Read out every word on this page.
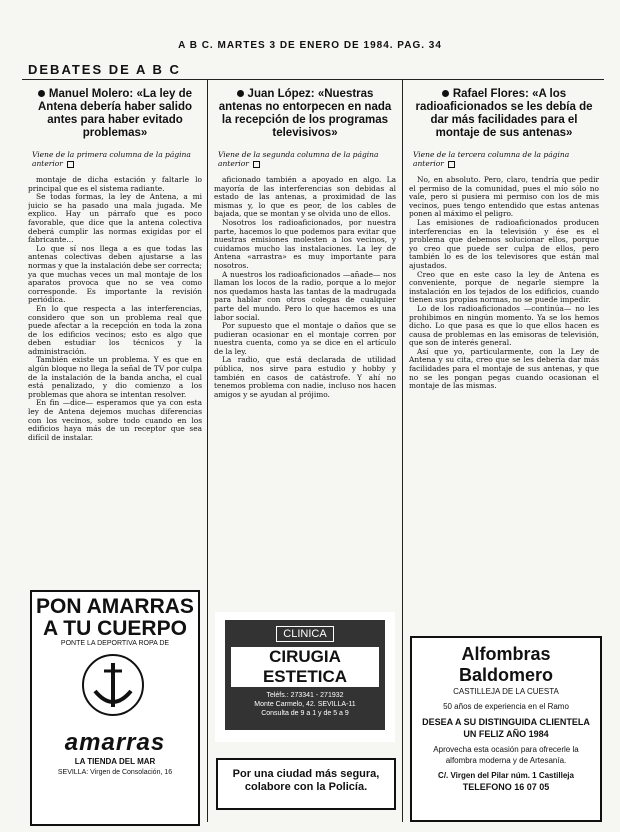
A B C. MARTES 3 DE ENERO DE 1984. PAG. 34
DEBATES DE A B C
Manuel Molero: «La ley de Antena debería haber salido antes para haber evitado problemas»
Viene de la primera columna de la página anterior

montaje de dicha estación y faltarle lo principal que es el sistema radiante.

Se todas formas, la ley de Antena, a mi juicio se ha pasado una mala jugada. Me explico. Hay un párrafo que es poco favorable, que dice que la antena colectiva deberá cumplir las normas exigidas por el fabricante...

Lo que sí nos llega a es que todas las antenas colectivas deben ajustarse a las normas y que la instalación debe ser correcta; ya que muchas veces un mal montaje de los aparatos provoca que no se vea como corresponde. Es importante la revisión periódica.

En lo que respecta a las interferencias, considero que son un problema real que puede afectar a la recepción en toda la zona de los edificios vecinos; esto es algo que deben estudiar los técnicos y la administración.

También existe un problema. Y es que en algún bloque no llega la señal de TV por culpa de la instalación de la banda ancha, el cual está penalizado, y dio comienzo a los problemas que ahora se intentan resolver.

En fin —dice— esperamos que ya con esta ley de Antena dejemos muchas diferencias con los vecinos, sobre todo cuando en los edificios haya más de un receptor que sea difícil de instalar.

Juan López: «Nuestras antenas no entorpecen en nada la recepción de los programas televisivos»
Viene de la segunda columna de la página anterior

aficionado también a apoyado en algo. La mayoría de las interferencias son debidas al estado de las antenas, a proximidad de las mismas y, lo que es peor, de los cables de bajada, que se montan y se olvida uno de ellos.

Nosotros los radioaficionados, por nuestra parte, hacemos lo que podemos para evitar que nuestras emisiones molesten a los vecinos, y cuidamos mucho las instalaciones. La ley de Antena «arrastra» es muy importante para nosotros.

A nuestros los radioaficionados —añade— nos llaman los locos de la radio, porque a lo mejor nos quedamos hasta las tantas de la madrugada para hablar con otros colegas de cualquier parte del mundo. Pero lo que hacemos es una labor social.

Por supuesto que el montaje o daños que se pudieran ocasionar en el montaje corren por nuestra cuenta, como ya se dice en el artículo de la ley.

La radio, que está declarada de utilidad pública, nos sirve para estudio y hobby y también en casos de catástrofe. Y ahí no tenemos problema con nadie, incluso nos hacen amigos y se ayudan al prójimo.

Rafael Flores: «A los radioaficionados se les debía de dar más facilidades para el montaje de sus antenas»
Viene de la tercera columna de la página anterior

No, en absoluto. Pero, claro, tendría que pedir el permiso de la comunidad, pues el mío sólo no vale, pero si pusiera mi permiso con los de mis vecinos, pues tengo entendido que estas antenas ponen al máximo el peligro.

Las emisiones de radioaficionados producen interferencias en la televisión y ése es el problema que debemos solucionar ellos, porque yo creo que puede ser culpa de ellos, pero también lo es de los televisores que están mal ajustados.

Creo que en este caso la ley de Antena es conveniente, porque de negarle siempre la instalación en los tejados de los edificios, cuando tienen sus propias normas, no se puede impedir.

Lo de los radioaficionados —continúa— no les prohibimos en ningún momento. Ya se los hemos dicho. Lo que pasa es que lo que ellos hacen es causa de problemas en las emisoras de televisión, que son de interés general.

Así que yo, particularmente, con la Ley de Antena y su cita, creo que se les debería dar más facilidades para el montaje de sus antenas, y que no se les pongan pegas cuando ocasionan el montaje de las mismas.

PON AMARRAS A TU CUERPO
PONTE LA DEPORTIVA ROPA DE
amarras
LA TIENDA DEL MAR
SEVILLA: Virgen de Consolación, 16
CLINICA
CIRUGIA ESTETICA
Teléfs.: 273341 - 271932
Monte Carmelo, 42. SEVILLA-11
Consulta de 9 a 1 y de 5 a 9
Por una ciudad más segura, colabore con la Policía.
Alfombras Baldomero
CASTILLEJA DE LA CUESTA
50 años de experiencia en el Ramo
DESEA A SU DISTINGUIDA CLIENTELA UN FELIZ AÑO 1984
Aprovecha esta ocasión para ofrecerle la alfombra moderna y de Artesanía.
C/. Virgen del Pilar núm. 1 Castilleja
TELEFONO 16 07 05
